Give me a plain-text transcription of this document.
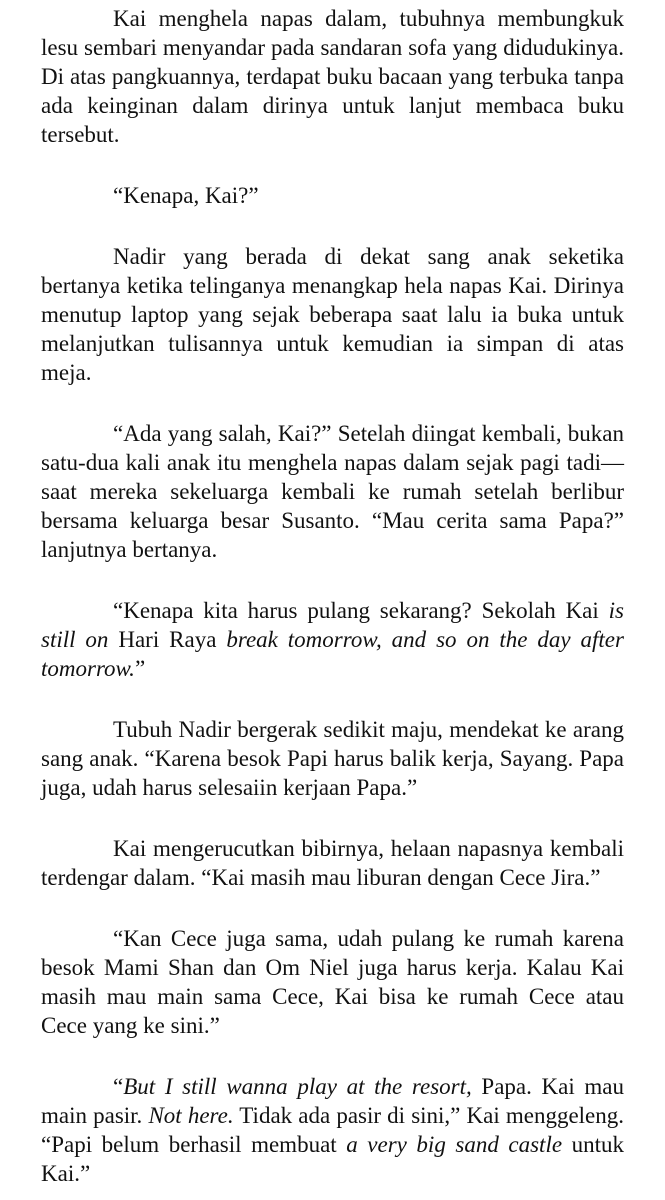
Kai menghela napas dalam, tubuhnya membungkuk lesu sembari menyandar pada sandaran sofa yang didudukinya. Di atas pangkuannya, terdapat buku bacaan yang terbuka tanpa ada keinginan dalam dirinya untuk lanjut membaca buku tersebut.

“Kenapa, Kai?”

Nadir yang berada di dekat sang anak seketika bertanya ketika telinganya menangkap hela napas Kai. Dirinya menutup laptop yang sejak beberapa saat lalu ia buka untuk melanjutkan tulisannya untuk kemudian ia simpan di atas meja.

“Ada yang salah, Kai?” Setelah diingat kembali, bukan satu-dua kali anak itu menghela napas dalam sejak pagi tadi—saat mereka sekeluarga kembali ke rumah setelah berlibur bersama keluarga besar Susanto. “Mau cerita sama Papa?” lanjutnya bertanya.

“Kenapa kita harus pulang sekarang? Sekolah Kai is still on Hari Raya break tomorrow, and so on the day after tomorrow.”

Tubuh Nadir bergerak sedikit maju, mendekat ke arang sang anak. “Karena besok Papi harus balik kerja, Sayang. Papa juga, udah harus selesaiin kerjaan Papa.”

Kai mengerucutkan bibirnya, helaan napasnya kembali terdengar dalam. “Kai masih mau liburan dengan Cece Jira.”

“Kan Cece juga sama, udah pulang ke rumah karena besok Mami Shan dan Om Niel juga harus kerja. Kalau Kai masih mau main sama Cece, Kai bisa ke rumah Cece atau Cece yang ke sini.”

“But I still wanna play at the resort, Papa. Kai mau main pasir. Not here. Tidak ada pasir di sini,” Kai menggeleng. “Papi belum berhasil membuat a very big sand castle untuk Kai.”
